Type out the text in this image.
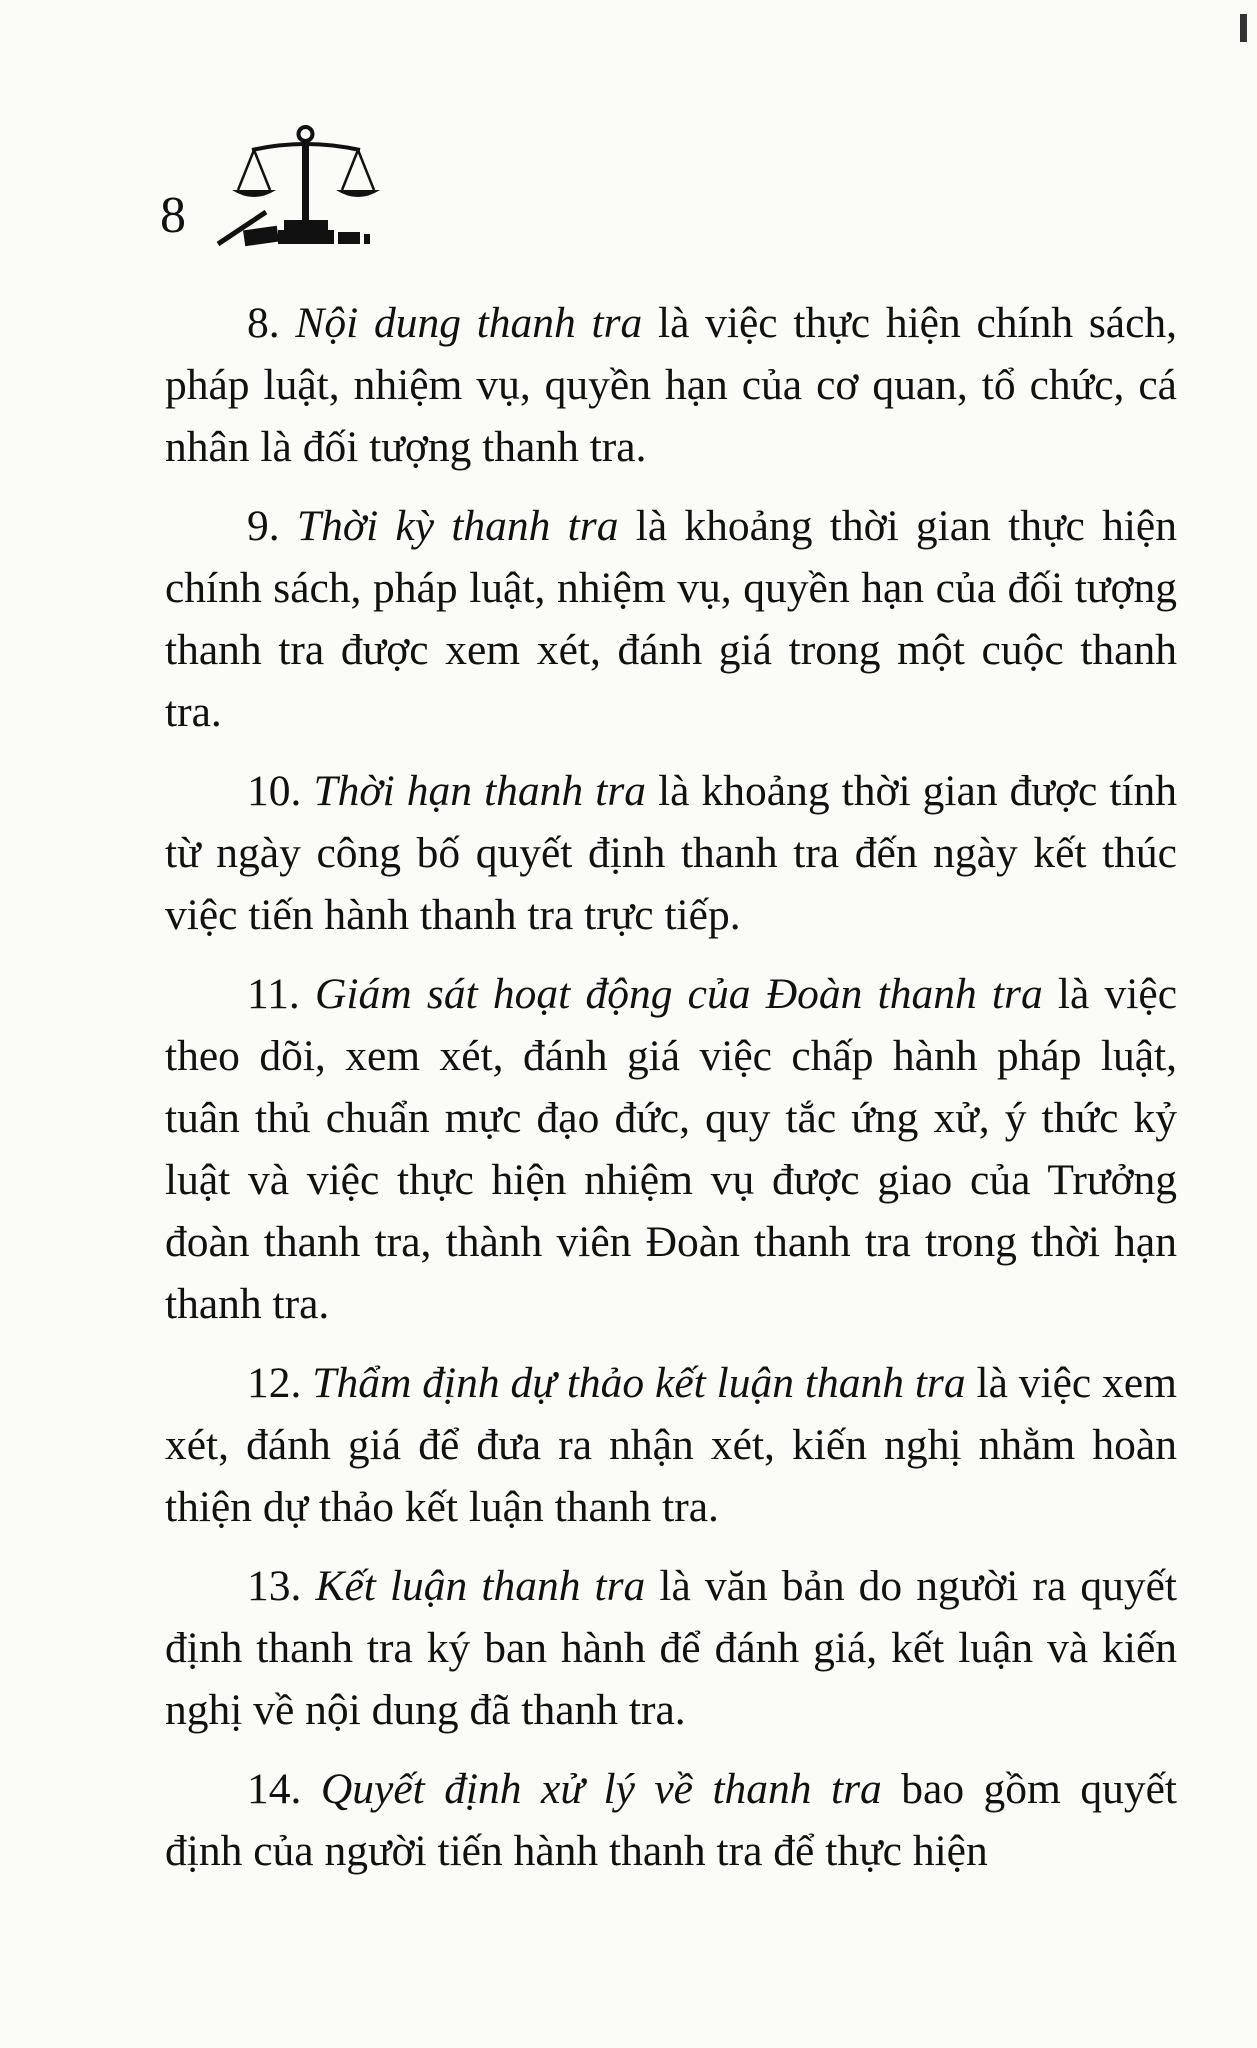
8

8. Nội dung thanh tra là việc thực hiện chính sách, pháp luật, nhiệm vụ, quyền hạn của cơ quan, tổ chức, cá nhân là đối tượng thanh tra.

9. Thời kỳ thanh tra là khoảng thời gian thực hiện chính sách, pháp luật, nhiệm vụ, quyền hạn của đối tượng thanh tra được xem xét, đánh giá trong một cuộc thanh tra.

10. Thời hạn thanh tra là khoảng thời gian được tính từ ngày công bố quyết định thanh tra đến ngày kết thúc việc tiến hành thanh tra trực tiếp.

11. Giám sát hoạt động của Đoàn thanh tra là việc theo dõi, xem xét, đánh giá việc chấp hành pháp luật, tuân thủ chuẩn mực đạo đức, quy tắc ứng xử, ý thức kỷ luật và việc thực hiện nhiệm vụ được giao của Trưởng đoàn thanh tra, thành viên Đoàn thanh tra trong thời hạn thanh tra.

12. Thẩm định dự thảo kết luận thanh tra là việc xem xét, đánh giá để đưa ra nhận xét, kiến nghị nhằm hoàn thiện dự thảo kết luận thanh tra.

13. Kết luận thanh tra là văn bản do người ra quyết định thanh tra ký ban hành để đánh giá, kết luận và kiến nghị về nội dung đã thanh tra.

14. Quyết định xử lý về thanh tra bao gồm quyết định của người tiến hành thanh tra để thực hiện
